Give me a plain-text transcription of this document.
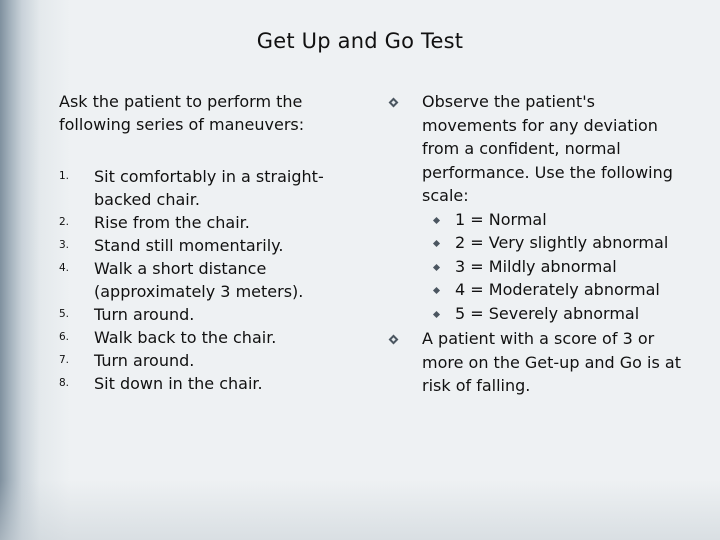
Get Up and Go Test
Ask the patient to perform the following series of maneuvers:
1.	Sit comfortably in a straight-backed chair.
2.	Rise from the chair.
3.	Stand still momentarily.
4.	Walk a short distance (approximately 3 meters).
5.	Turn around.
6.	Walk back to the chair.
7.	Turn around.
8.	Sit down in the chair.
Observe the patient's movements for any deviation from a confident, normal performance. Use the following scale:
1 = Normal
2 = Very slightly abnormal
3 = Mildly abnormal
4 = Moderately abnormal
5 = Severely abnormal
A patient with a score of 3 or more on the Get-up and Go is at risk of falling.
